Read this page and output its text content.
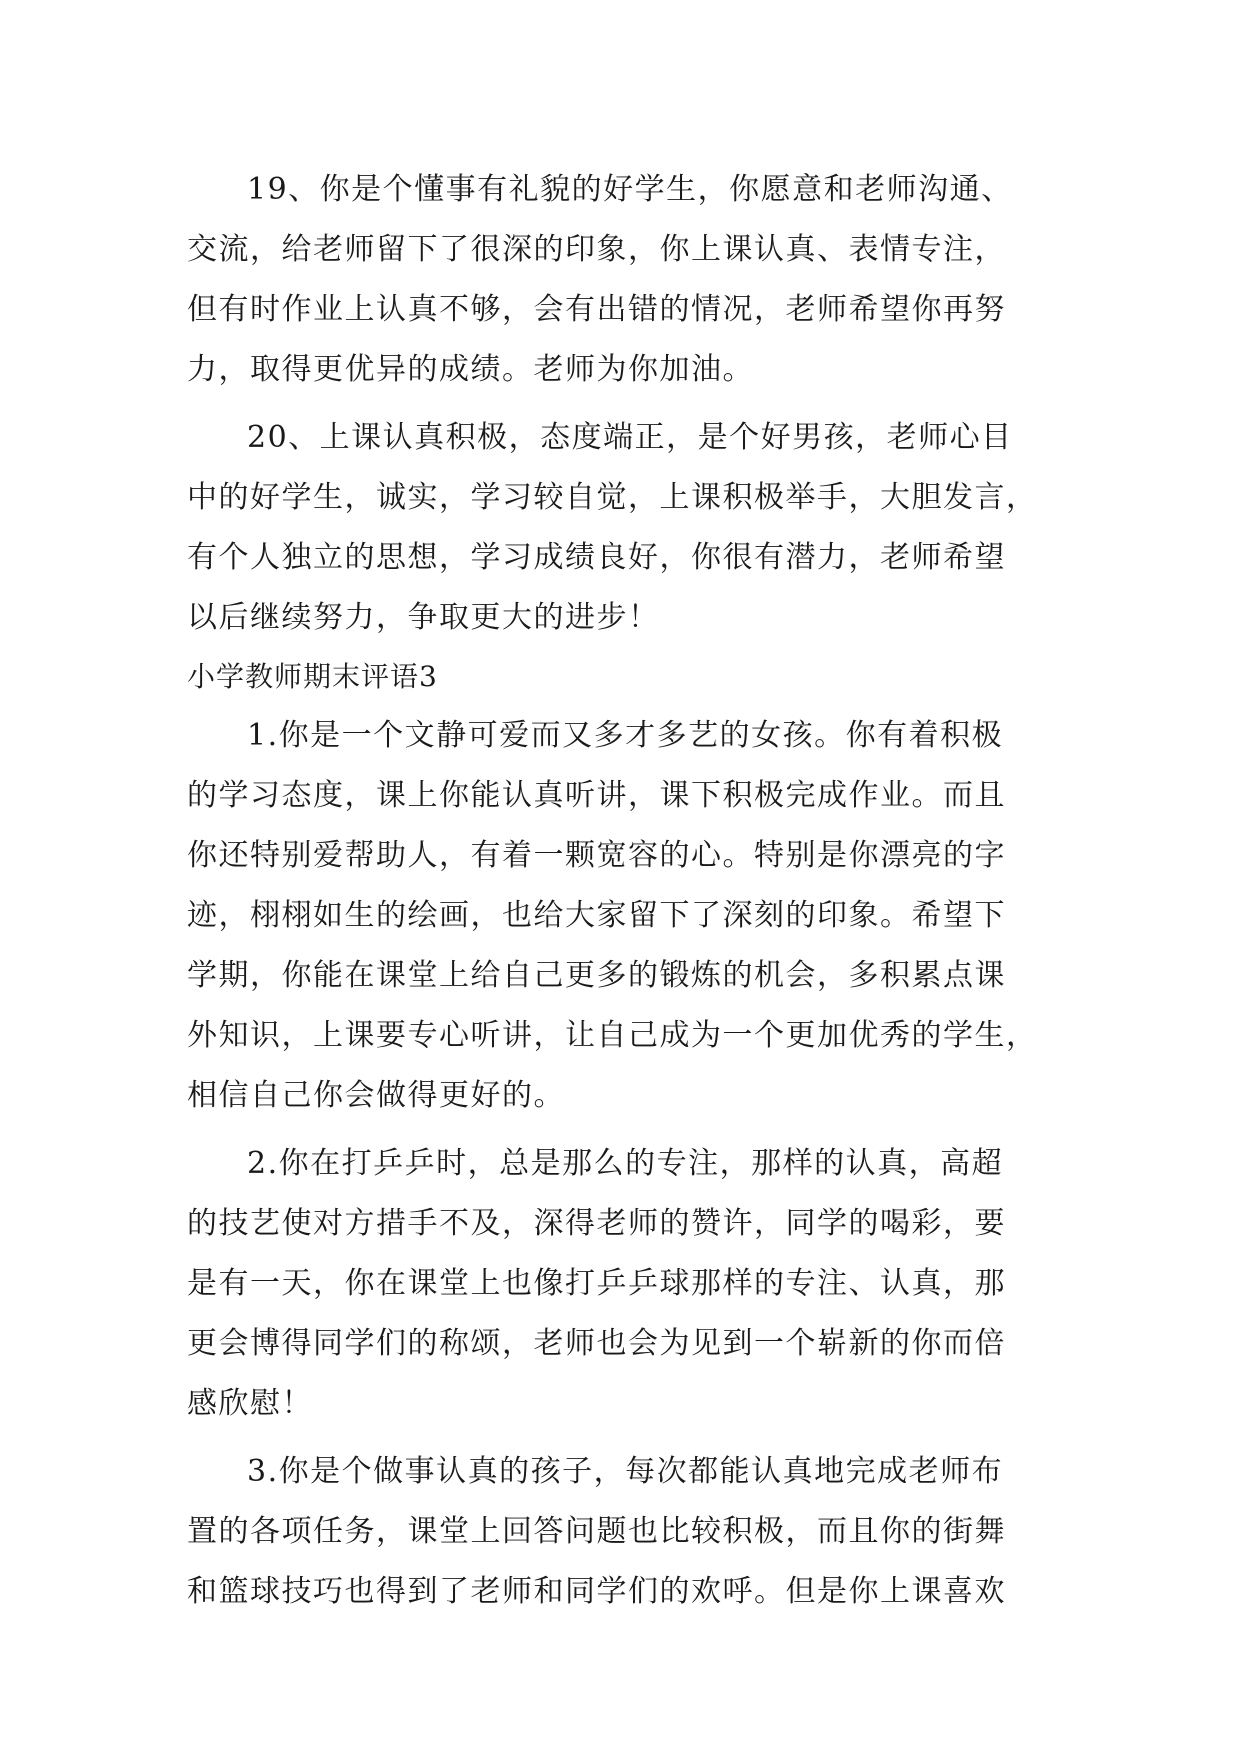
19、你是个懂事有礼貌的好学生，你愿意和老师沟通、
交流，给老师留下了很深的印象，你上课认真、表情专注，
但有时作业上认真不够，会有出错的情况，老师希望你再努
力，取得更优异的成绩。老师为你加油。
20、上课认真积极，态度端正，是个好男孩，老师心目
中的好学生，诚实，学习较自觉，上课积极举手，大胆发言，
有个人独立的思想，学习成绩良好，你很有潜力，老师希望
以后继续努力，争取更大的进步！
小学教师期末评语3
1.你是一个文静可爱而又多才多艺的女孩。你有着积极
的学习态度，课上你能认真听讲，课下积极完成作业。而且
你还特别爱帮助人，有着一颗宽容的心。特别是你漂亮的字
迹，栩栩如生的绘画，也给大家留下了深刻的印象。希望下
学期，你能在课堂上给自己更多的锻炼的机会，多积累点课
外知识，上课要专心听讲，让自己成为一个更加优秀的学生，
相信自己你会做得更好的。
2.你在打乒乒时，总是那么的专注，那样的认真，高超
的技艺使对方措手不及，深得老师的赞许，同学的喝彩，要
是有一天，你在课堂上也像打乒乒球那样的专注、认真，那
更会博得同学们的称颂，老师也会为见到一个崭新的你而倍
感欣慰！
3.你是个做事认真的孩子，每次都能认真地完成老师布
置的各项任务，课堂上回答问题也比较积极，而且你的街舞
和篮球技巧也得到了老师和同学们的欢呼。但是你上课喜欢
